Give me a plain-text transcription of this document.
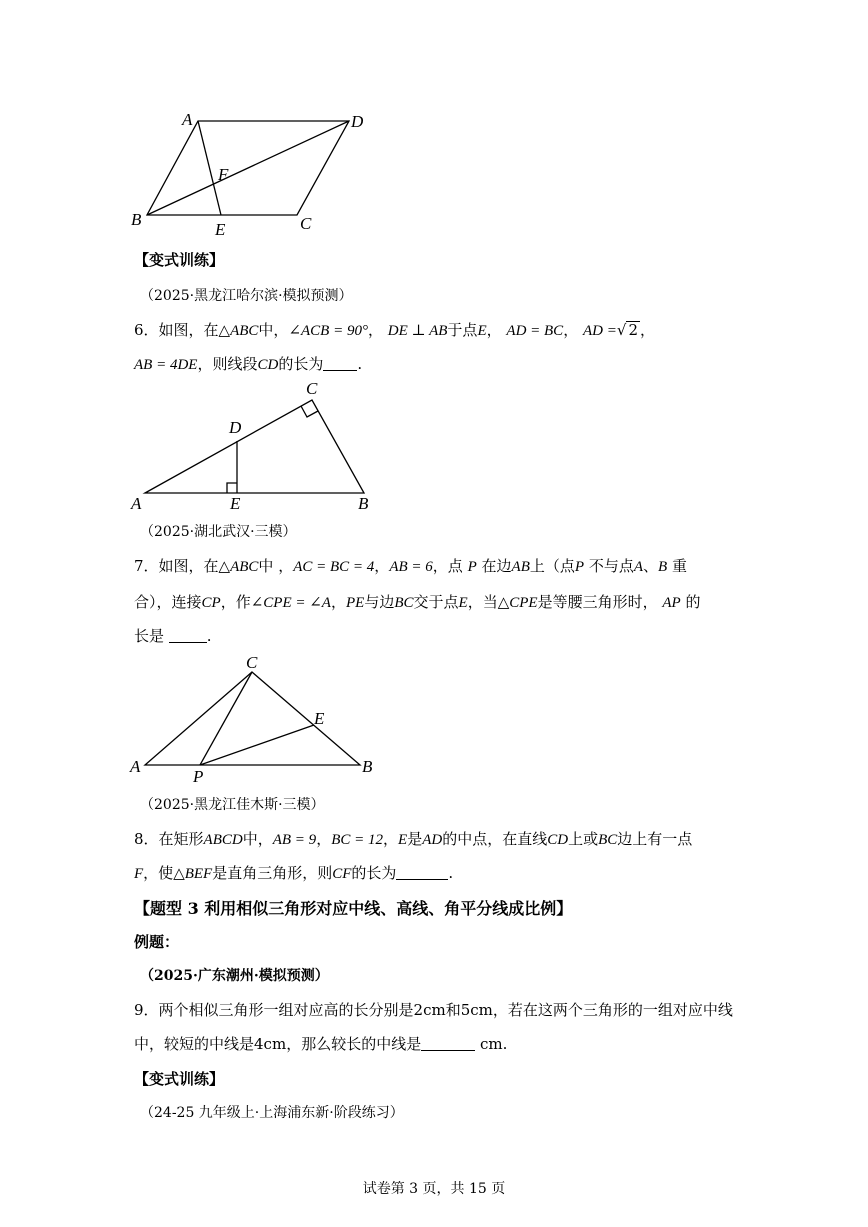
A	D
F
B
E	C
【变式训练】
（2025·黑龙江哈尔滨·模拟预测）
6．如图，在△ABC中，∠ACB = 90°， DE ⊥ AB于点E， AD = BC， AD =√ 2 ，
AB = 4DE，则线段CD的长为 .
C
D
A	E	B
（2025·湖北武汉·三模）
7．如图，在△ABC中 ，AC = BC = 4，AB = 6，点 P 在边AB上（点P 不与点A、B 重
合），连接CP，作∠CPE = ∠A，PE与边BC交于点E，当△CPE是等腰三角形时， AP 的
长是	.
C
E
A
P
B
（2025·黑龙江佳木斯·三模）
8．在矩形ABCD中，AB = 9，BC = 12，E是AD的中点，在直线CD上或BC边上有一点
F，使△BEF是直角三角形，则CF的长为	.
【题型 3 利用相似三角形对应中线、高线、角平分线成比例】
例题：
（2025·广东潮州·模拟预测）
9．两个相似三角形一组对应高的长分别是2cm和5cm，若在这两个三角形的一组对应中线
中，较短的中线是4cm，那么较长的中线是	cm.
【变式训练】
（24-25 九年级上·上海浦东新·阶段练习）
试卷第 3 页，共 15 页
